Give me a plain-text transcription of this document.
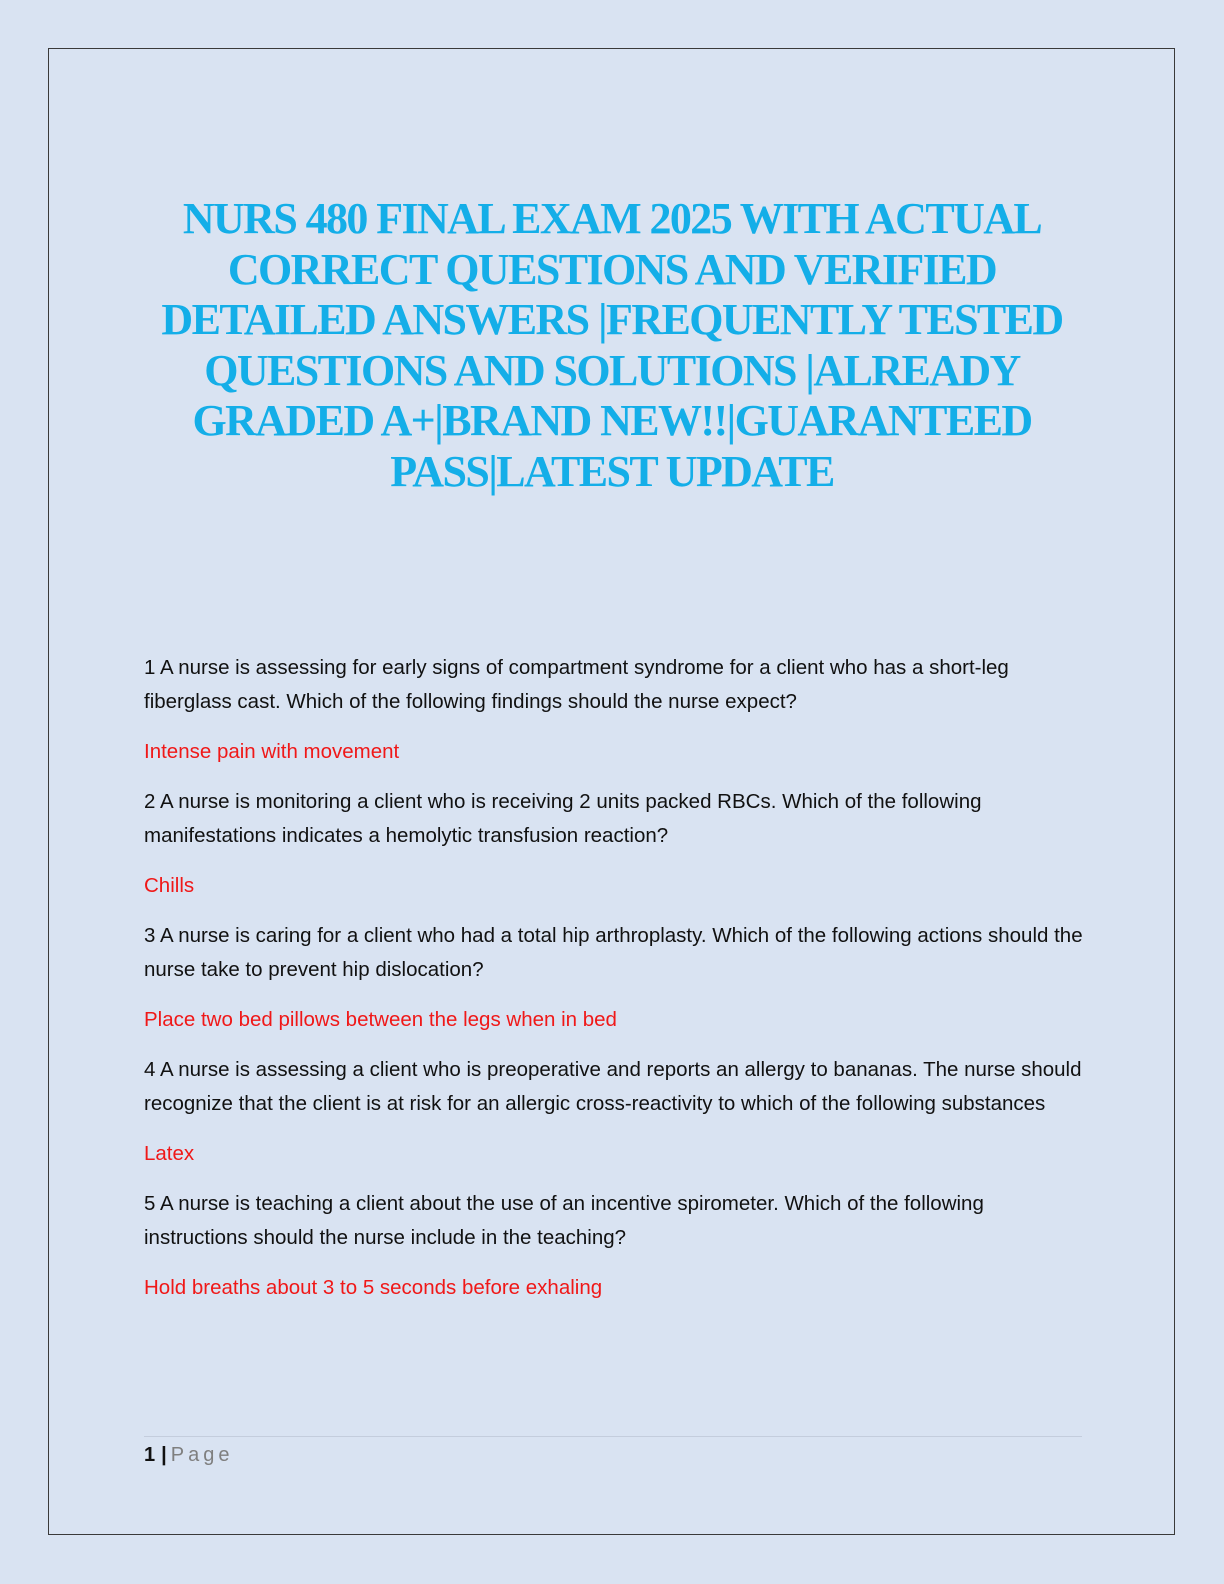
NURS 480 FINAL EXAM 2025 WITH ACTUAL CORRECT QUESTIONS AND VERIFIED DETAILED ANSWERS |FREQUENTLY TESTED QUESTIONS AND SOLUTIONS |ALREADY GRADED A+|BRAND NEW!!|GUARANTEED PASS|LATEST UPDATE

1 A nurse is assessing for early signs of compartment syndrome for a client who has a short-leg fiberglass cast. Which of the following findings should the nurse expect?

Intense pain with movement

2 A nurse is monitoring a client who is receiving 2 units packed RBCs. Which of the following manifestations indicates a hemolytic transfusion reaction?

Chills

3 A nurse is caring for a client who had a total hip arthroplasty. Which of the following actions should the nurse take to prevent hip dislocation?

Place two bed pillows between the legs when in bed

4 A nurse is assessing a client who is preoperative and reports an allergy to bananas. The nurse should recognize that the client is at risk for an allergic cross-reactivity to which of the following substances

Latex

5 A nurse is teaching a client about the use of an incentive spirometer. Which of the following instructions should the nurse include in the teaching?

Hold breaths about 3 to 5 seconds before exhaling

1 | Page
